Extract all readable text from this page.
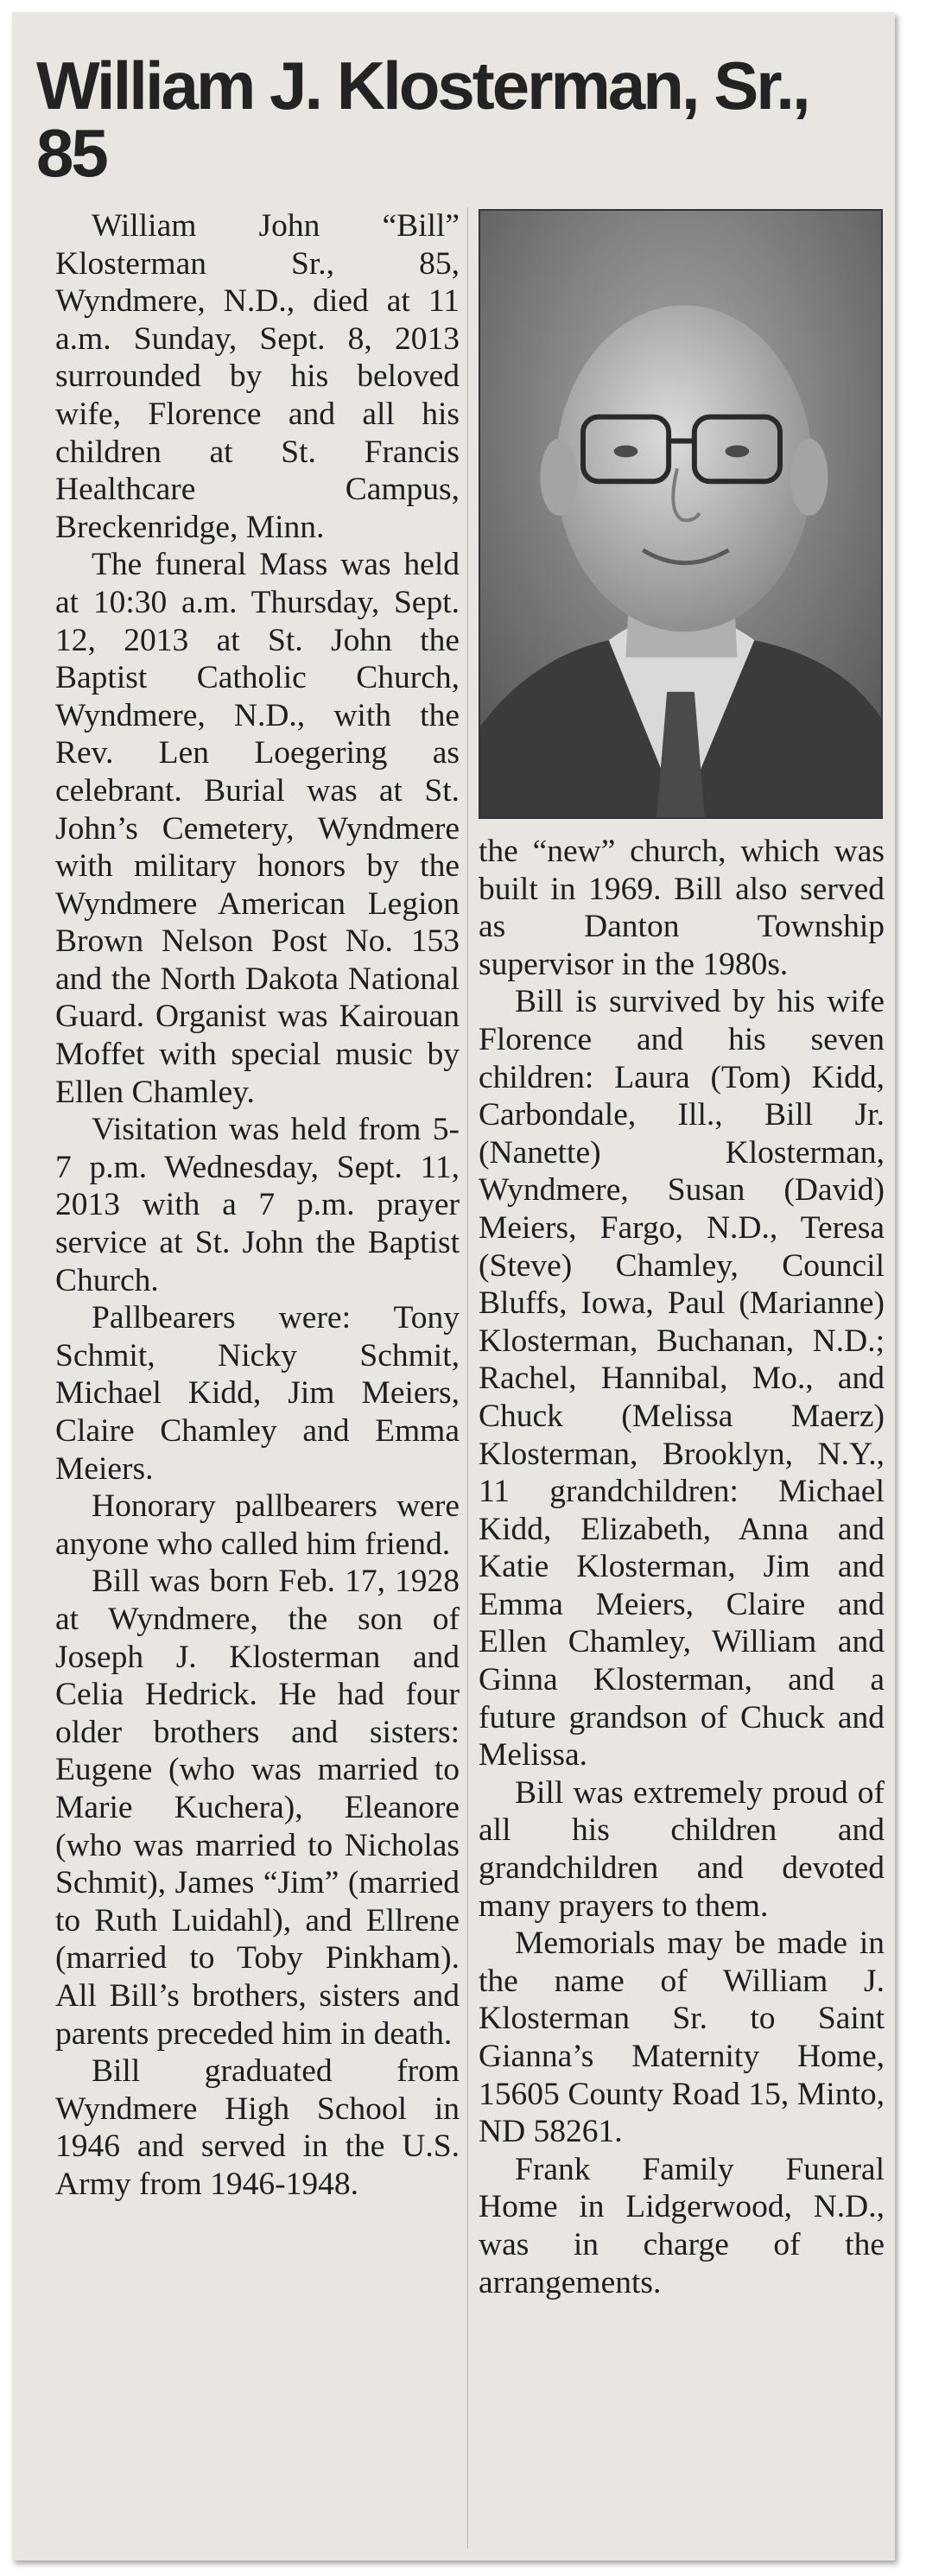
William J. Klosterman, Sr., 85

William John “Bill” Klosterman Sr., 85, Wyndmere, N.D., died at 11 a.m. Sunday, Sept. 8, 2013 surrounded by his beloved wife, Florence and all his children at St. Francis Healthcare Campus, Breckenridge, Minn.

The funeral Mass was held at 10:30 a.m. Thursday, Sept. 12, 2013 at St. John the Baptist Catholic Church, Wyndmere, N.D., with the Rev. Len Loegering as celebrant. Burial was at St. John’s Cemetery, Wyndmere with military honors by the Wyndmere American Legion Brown Nelson Post No. 153 and the North Dakota National Guard. Organist was Kairouan Moffet with special music by Ellen Chamley.

Visitation was held from 5-7 p.m. Wednesday, Sept. 11, 2013 with a 7 p.m. prayer service at St. John the Baptist Church.

Pallbearers were: Tony Schmit, Nicky Schmit, Michael Kidd, Jim Meiers, Claire Chamley and Emma Meiers.

Honorary pallbearers were anyone who called him friend.

Bill was born Feb. 17, 1928 at Wyndmere, the son of Joseph J. Klosterman and Celia Hedrick. He had four older brothers and sisters: Eugene (who was married to Marie Kuchera), Eleanore (who was married to Nicholas Schmit), James “Jim” (married to Ruth Luidahl), and Ellrene (married to Toby Pinkham). All Bill’s brothers, sisters and parents preceded him in death.

Bill graduated from Wyndmere High School in 1946 and served in the U.S. Army from 1946-1948.

the “new” church, which was built in 1969. Bill also served as Danton Township supervisor in the 1980s.

Bill is survived by his wife Florence and his seven children: Laura (Tom) Kidd, Carbondale, Ill., Bill Jr. (Nanette) Klosterman, Wyndmere, Susan (David) Meiers, Fargo, N.D., Teresa (Steve) Chamley, Council Bluffs, Iowa, Paul (Marianne) Klosterman, Buchanan, N.D.; Rachel, Hannibal, Mo., and Chuck (Melissa Maerz) Klosterman, Brooklyn, N.Y., 11 grandchildren: Michael Kidd, Elizabeth, Anna and Katie Klosterman, Jim and Emma Meiers, Claire and Ellen Chamley, William and Ginna Klosterman, and a future grandson of Chuck and Melissa.

Bill was extremely proud of all his children and grandchildren and devoted many prayers to them.

Memorials may be made in the name of William J. Klosterman Sr. to Saint Gianna’s Maternity Home, 15605 County Road 15, Minto, ND 58261.

Frank Family Funeral Home in Lidgerwood, N.D., was in charge of the arrangements.
